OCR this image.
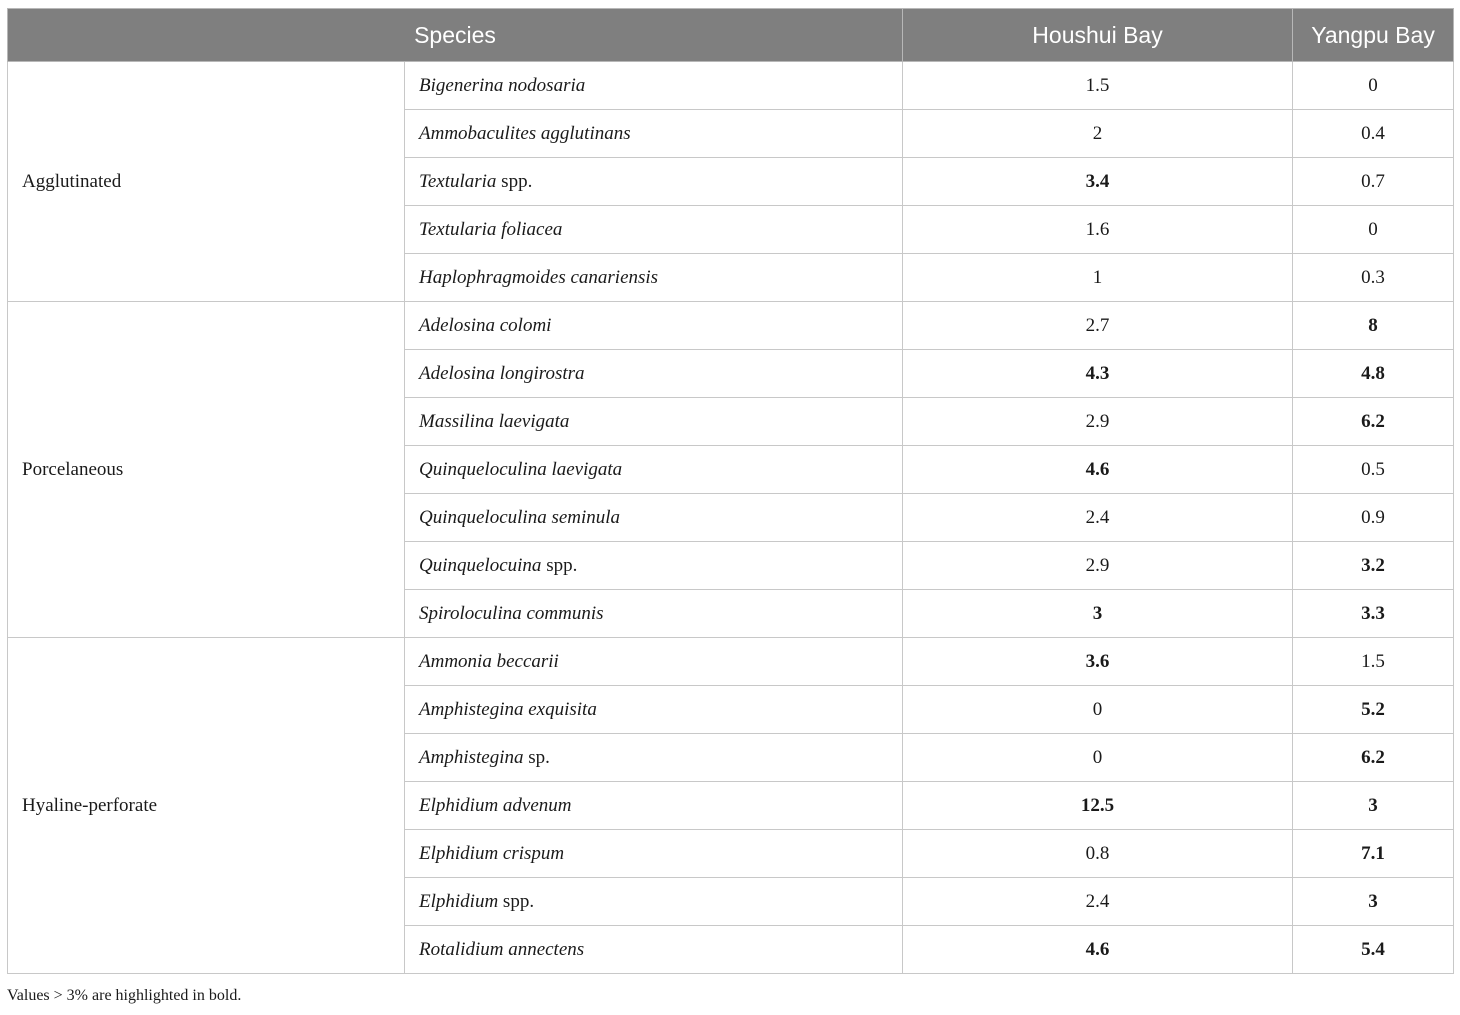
Species		Houshui Bay	Yangpu Bay
Agglutinated	Bigenerina nodosaria	1.5	0
	Ammobaculites agglutinans	2	0.4
	Textularia spp.	3.4	0.7
	Textularia foliacea	1.6	0
	Haplophragmoides canariensis	1	0.3
Porcelaneous	Adelosina colomi	2.7	8
	Adelosina longirostra	4.3	4.8
	Massilina laevigata	2.9	6.2
	Quinqueloculina laevigata	4.6	0.5
	Quinqueloculina seminula	2.4	0.9
	Quinquelocuina spp.	2.9	3.2
	Spiroloculina communis	3	3.3
Hyaline-perforate	Ammonia beccarii	3.6	1.5
	Amphistegina exquisita	0	5.2
	Amphistegina sp.	0	6.2
	Elphidium advenum	12.5	3
	Elphidium crispum	0.8	7.1
	Elphidium spp.	2.4	3
	Rotalidium annectens	4.6	5.4
Values > 3% are highlighted in bold.
